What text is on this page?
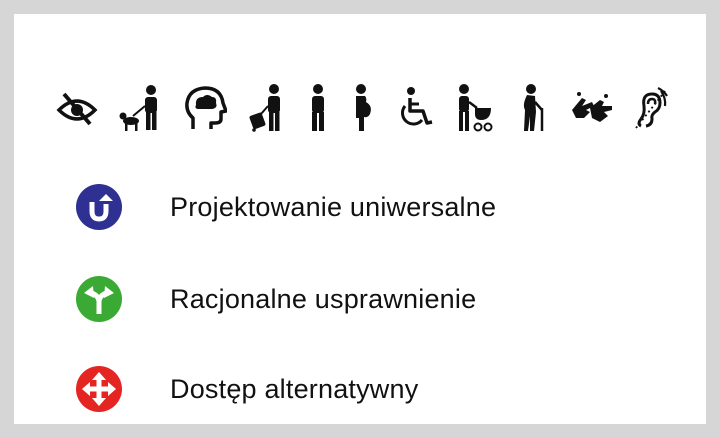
Projektowanie uniwersalne
Racjonalne usprawnienie
Dostęp alternatywny
